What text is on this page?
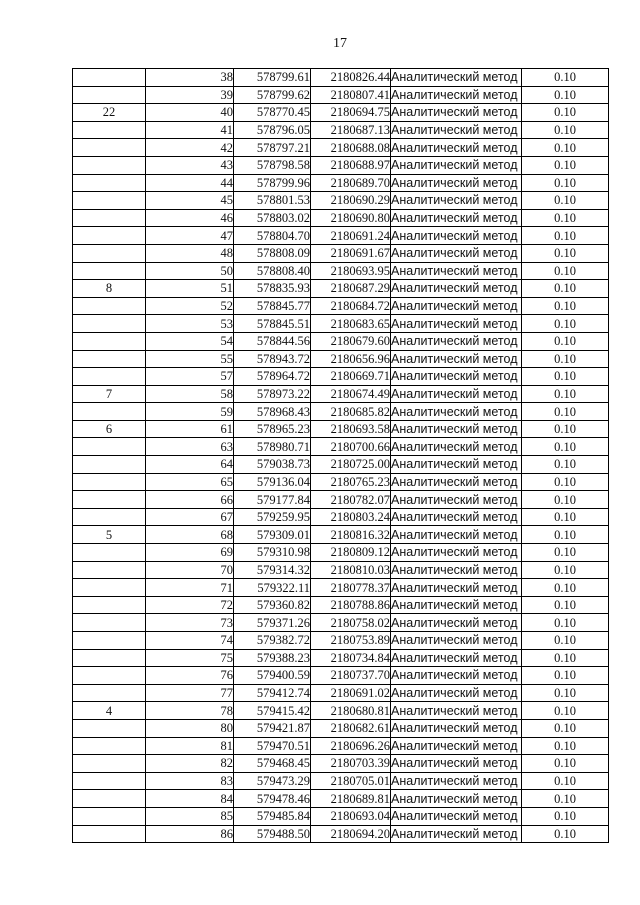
17
	38	578799.61	2180826.44	Аналитический метод	0.10
	39	578799.62	2180807.41	Аналитический метод	0.10
22	40	578770.45	2180694.75	Аналитический метод	0.10
	41	578796.05	2180687.13	Аналитический метод	0.10
	42	578797.21	2180688.08	Аналитический метод	0.10
	43	578798.58	2180688.97	Аналитический метод	0.10
	44	578799.96	2180689.70	Аналитический метод	0.10
	45	578801.53	2180690.29	Аналитический метод	0.10
	46	578803.02	2180690.80	Аналитический метод	0.10
	47	578804.70	2180691.24	Аналитический метод	0.10
	48	578808.09	2180691.67	Аналитический метод	0.10
	50	578808.40	2180693.95	Аналитический метод	0.10
8	51	578835.93	2180687.29	Аналитический метод	0.10
	52	578845.77	2180684.72	Аналитический метод	0.10
	53	578845.51	2180683.65	Аналитический метод	0.10
	54	578844.56	2180679.60	Аналитический метод	0.10
	55	578943.72	2180656.96	Аналитический метод	0.10
	57	578964.72	2180669.71	Аналитический метод	0.10
7	58	578973.22	2180674.49	Аналитический метод	0.10
	59	578968.43	2180685.82	Аналитический метод	0.10
6	61	578965.23	2180693.58	Аналитический метод	0.10
	63	578980.71	2180700.66	Аналитический метод	0.10
	64	579038.73	2180725.00	Аналитический метод	0.10
	65	579136.04	2180765.23	Аналитический метод	0.10
	66	579177.84	2180782.07	Аналитический метод	0.10
	67	579259.95	2180803.24	Аналитический метод	0.10
5	68	579309.01	2180816.32	Аналитический метод	0.10
	69	579310.98	2180809.12	Аналитический метод	0.10
	70	579314.32	2180810.03	Аналитический метод	0.10
	71	579322.11	2180778.37	Аналитический метод	0.10
	72	579360.82	2180788.86	Аналитический метод	0.10
	73	579371.26	2180758.02	Аналитический метод	0.10
	74	579382.72	2180753.89	Аналитический метод	0.10
	75	579388.23	2180734.84	Аналитический метод	0.10
	76	579400.59	2180737.70	Аналитический метод	0.10
	77	579412.74	2180691.02	Аналитический метод	0.10
4	78	579415.42	2180680.81	Аналитический метод	0.10
	80	579421.87	2180682.61	Аналитический метод	0.10
	81	579470.51	2180696.26	Аналитический метод	0.10
	82	579468.45	2180703.39	Аналитический метод	0.10
	83	579473.29	2180705.01	Аналитический метод	0.10
	84	579478.46	2180689.81	Аналитический метод	0.10
	85	579485.84	2180693.04	Аналитический метод	0.10
	86	579488.50	2180694.20	Аналитический метод	0.10
